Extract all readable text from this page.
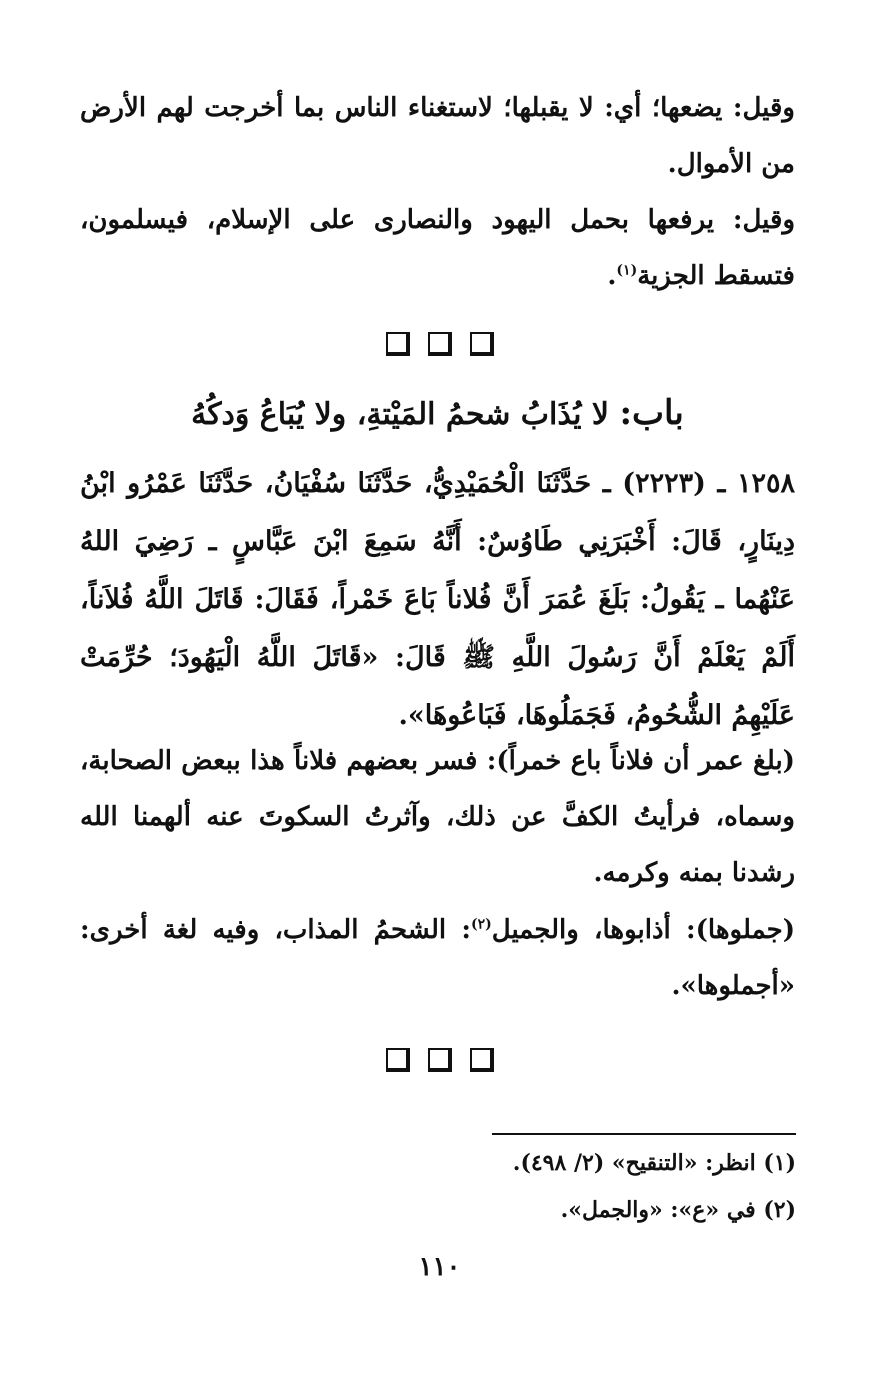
وقيل: يضعها؛ أي: لا يقبلها؛ لاستغناء الناس بما أخرجت لهم الأرض من الأموال.

وقيل: يرفعها بحمل اليهود والنصارى على الإسلام، فيسلمون، فتسقط الجزية$^{(١)}$.

باب: لا يُذَابُ شحمُ المَيْتةِ، ولا يُبَاعُ وَدكُهُ

١٢٥٨ ـ (٢٢٢٣) ـ حَدَّثَنَا الْحُمَيْدِيُّ، حَدَّثَنَا سُفْيَانُ، حَدَّثَنَا عَمْرُو ابْنُ دِينَارٍ، قَالَ: أَخْبَرَنِي طَاوُسٌ: أَنَّهُ سَمِعَ ابْنَ عَبَّاسٍ ـ رَضِيَ اللهُ عَنْهُما ـ يَقُولُ: بَلَغَ عُمَرَ أَنَّ فُلاناً بَاعَ خَمْراً، فَقَالَ: قَاتَلَ اللَّهُ فُلاَناً، أَلَمْ يَعْلَمْ أَنَّ رَسُولَ اللَّهِ ﷺ قَالَ: «قَاتَلَ اللَّهُ الْيَهُودَ؛ حُرِّمَتْ عَلَيْهِمُ الشُّحُومُ، فَجَمَلُوهَا، فَبَاعُوهَا».

(بلغ عمر أن فلاناً باع خمراً): فسر بعضهم فلاناً هذا ببعض الصحابة، وسماه، فرأيتُ الكفَّ عن ذلك، وآثرتُ السكوتَ عنه ألهمنا الله رشدنا بمنه وكرمه.

(جملوها): أذابوها، والجميل$^{(٢)}$: الشحمُ المذاب، وفيه لغة أخرى: «أجملوها».

(١) انظر: «التنقيح» (٢/ ٤٩٨).
(٢) في «ع»: «والجمل».
١١٠
